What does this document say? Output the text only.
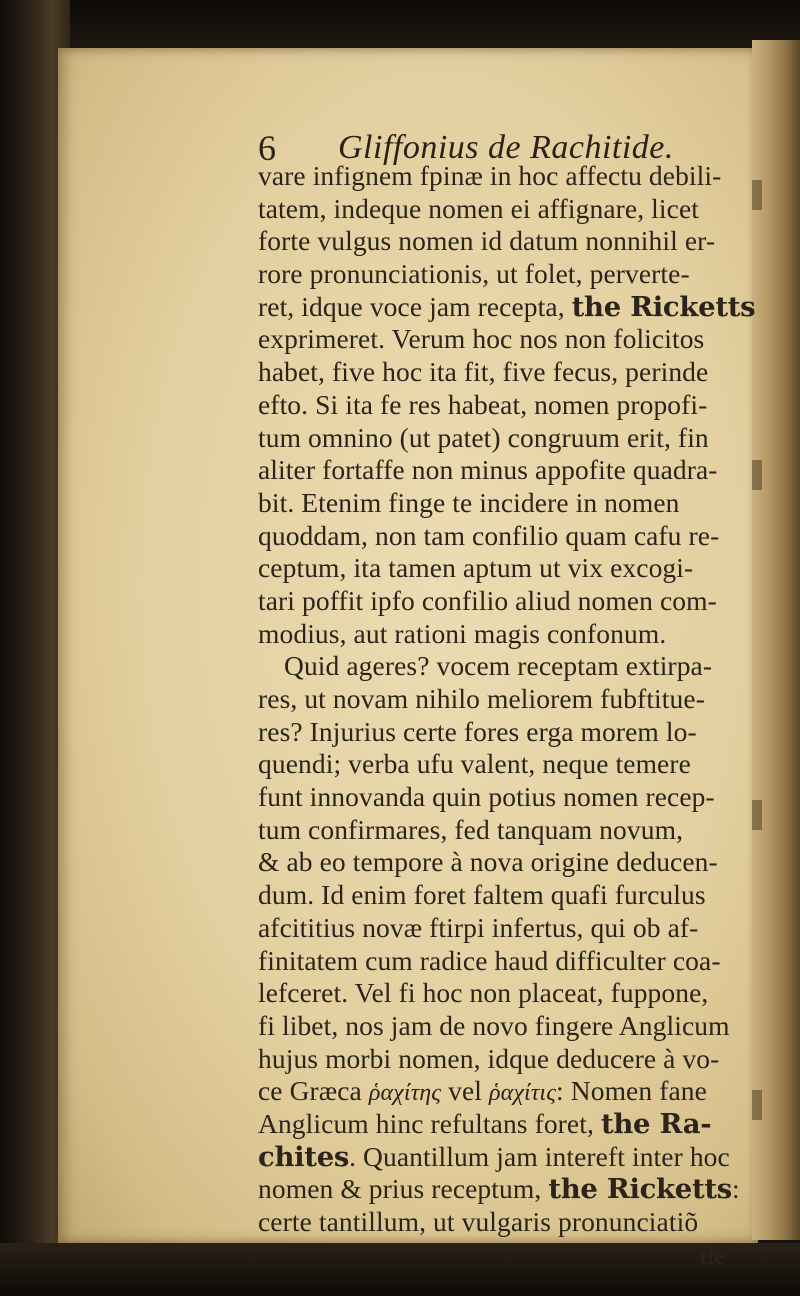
6 Gliffonius de Rachitide.
vare infignem fpinæ in hoc affectu debili-
tatem, indeque nomen ei affignare, licet
forte vulgus nomen id datum nonnihil er-
rore pronunciationis, ut folet, perverte-
ret, idque voce jam recepta, the Ricketts
exprimeret. Verum hoc nos non folicitos
habet, five hoc ita fit, five fecus, perinde
efto. Si ita fe res habeat, nomen propofi-
tum omnino (ut patet) congruum erit, fin
aliter fortaffe non minus appofite quadra-
bit. Etenim finge te incidere in nomen
quoddam, non tam confilio quam cafu re-
ceptum, ita tamen aptum ut vix excogi-
tari poffit ipfo confilio aliud nomen com-
modius, aut rationi magis confonum.
Quid ageres? vocem receptam extirpa-
res, ut novam nihilo meliorem fubftitue-
res? Injurius certe fores erga morem lo-
quendi; verba ufu valent, neque temere
funt innovanda quin potius nomen recep-
tum confirmares, fed tanquam novum,
& ab eo tempore à nova origine deducen-
dum. Id enim foret faltem quafi furculus
afcititius novæ ftirpi infertus, qui ob af-
finitatem cum radice haud difficulter coa-
lefceret. Vel fi hoc non placeat, fuppone,
fi libet, nos jam de novo fingere Anglicum
hujus morbi nomen, idque deducere à vo-
ce Græca ῥαχίτης vel ῥαχίτις: Nomen fane
Anglicum hinc refultans foret, the Ra-
chites. Quantillum jam intereft inter hoc
nomen & prius receptum, the Ricketts:
certe tantillum, ut vulgaris pronunciatiõ
de
